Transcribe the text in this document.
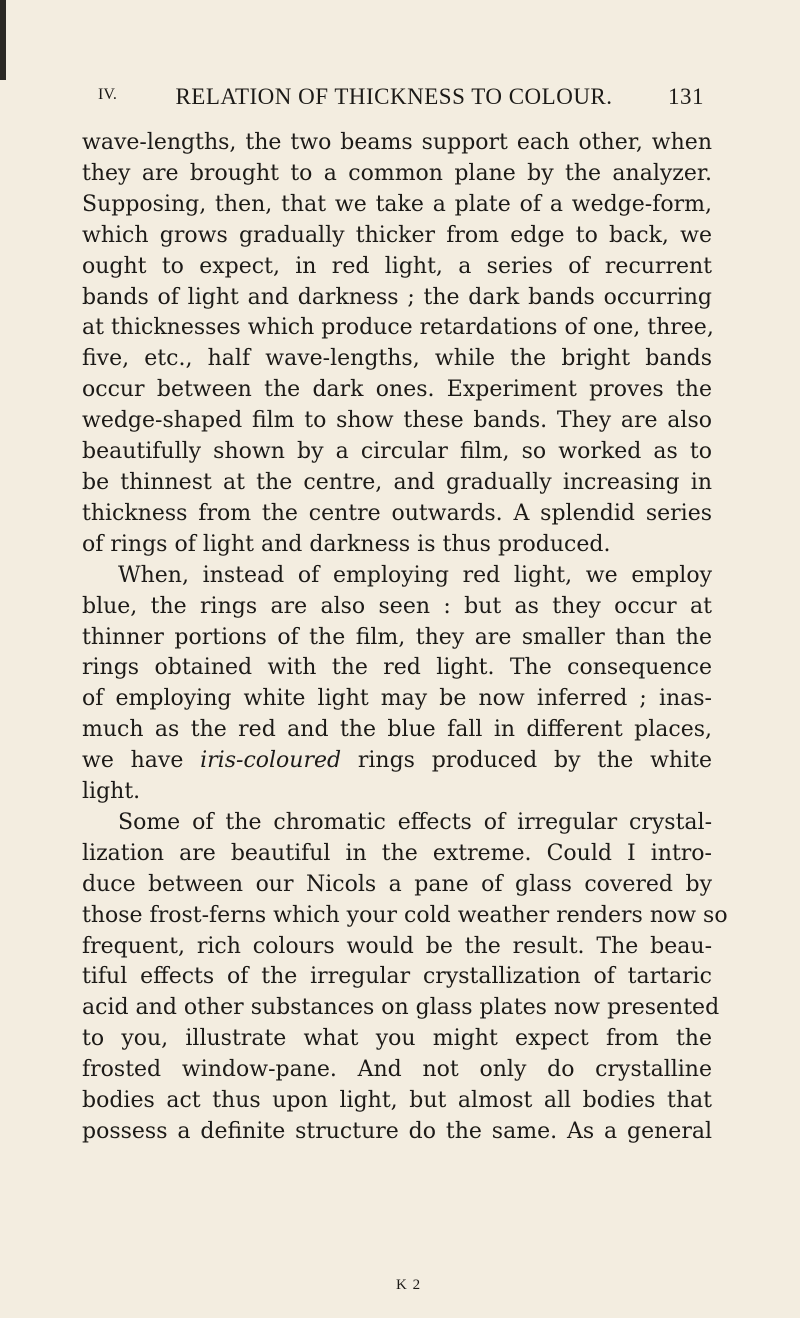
IV.	RELATION OF THICKNESS TO COLOUR.	131
wave-lengths, the two beams support each other, when
they are brought to a common plane by the analyzer.
Supposing, then, that we take a plate of a wedge-form,
which grows gradually thicker from edge to back, we
ought to expect, in red light, a series of recurrent
bands of light and darkness ; the dark bands occurring
at thicknesses which produce retardations of one, three,
five, etc., half wave-lengths, while the bright bands
occur between the dark ones. Experiment proves the
wedge-shaped film to show these bands. They are also
beautifully shown by a circular film, so worked as to
be thinnest at the centre, and gradually increasing in
thickness from the centre outwards. A splendid series
of rings of light and darkness is thus produced.
When, instead of employing red light, we employ
blue, the rings are also seen : but as they occur at
thinner portions of the film, they are smaller than the
rings obtained with the red light. The consequence
of employing white light may be now inferred ; inas-
much as the red and the blue fall in different places,
we have iris-coloured rings produced by the white
light.
Some of the chromatic effects of irregular crystal-
lization are beautiful in the extreme. Could I intro-
duce between our Nicols a pane of glass covered by
those frost-ferns which your cold weather renders now so
frequent, rich colours would be the result. The beau-
tiful effects of the irregular crystallization of tartaric
acid and other substances on glass plates now presented
to you, illustrate what you might expect from the
frosted window-pane. And not only do crystalline
bodies act thus upon light, but almost all bodies that
possess a definite structure do the same. As a general
K 2
